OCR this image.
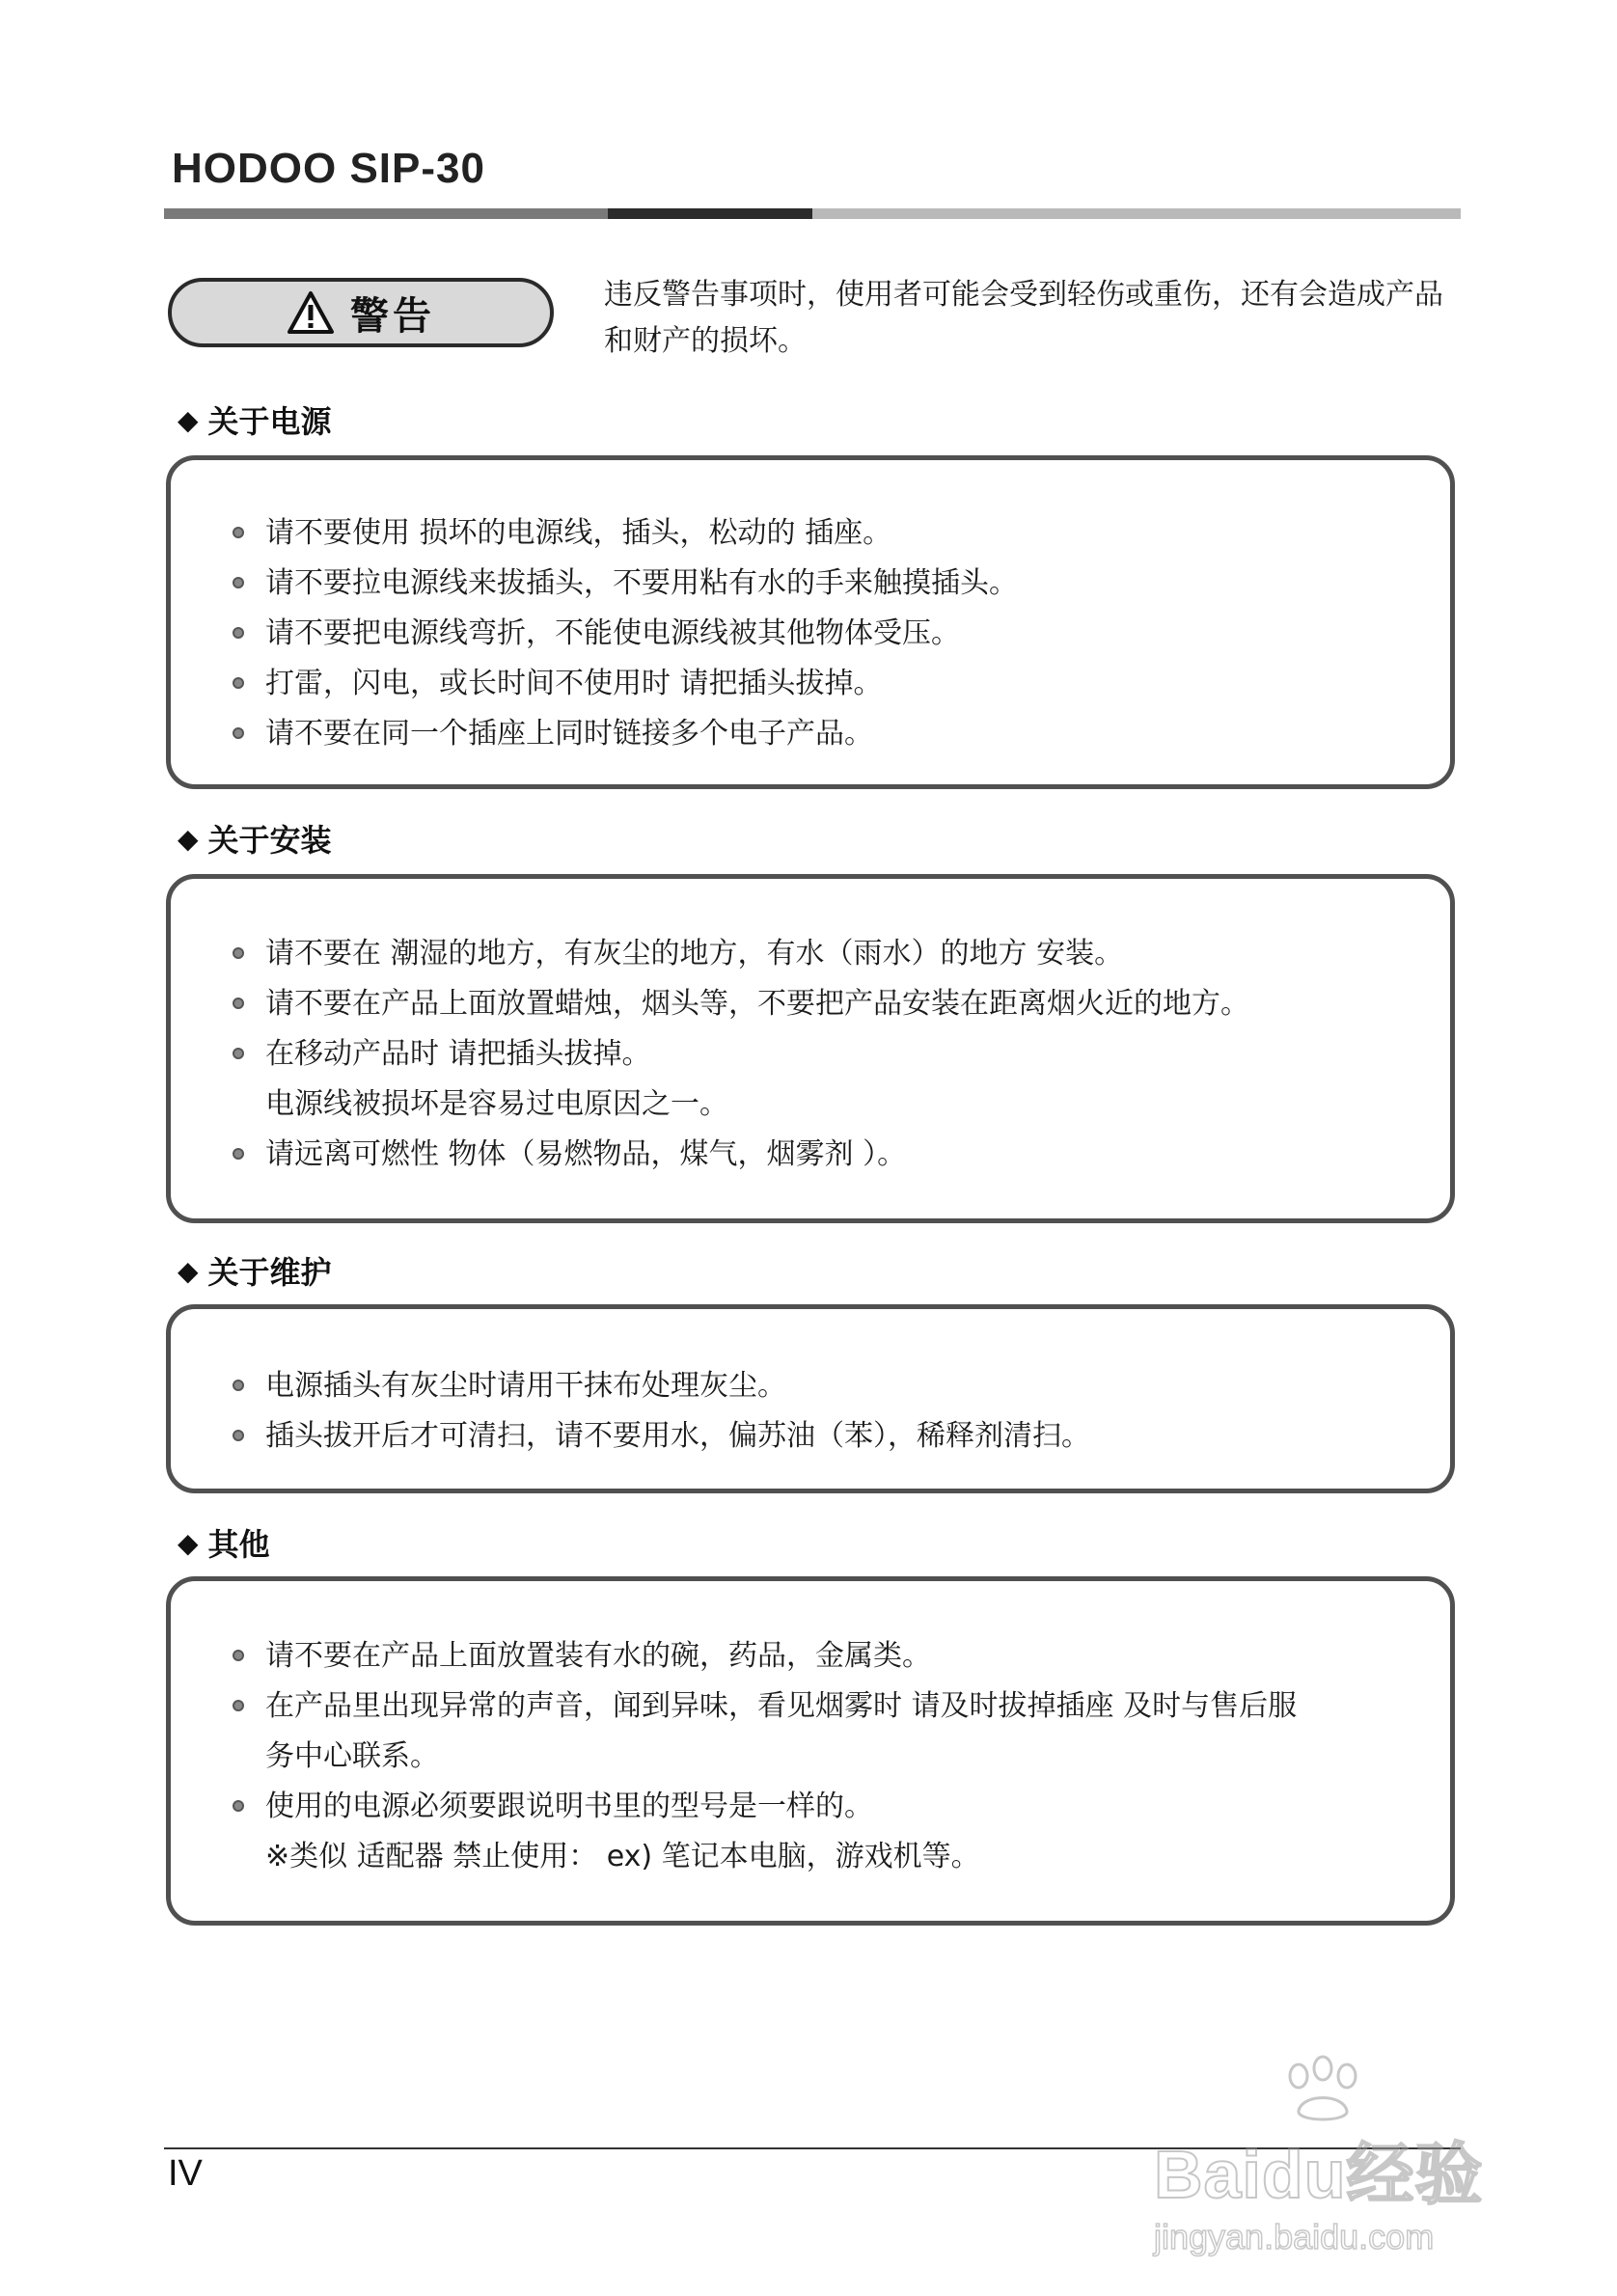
HODOO SIP-30
警告	违反警告事项时，使用者可能会受到轻伤或重伤，还有会造成产品和财产的损坏。
◆ 关于电源
请不要使用 损坏的电源线，插头，松动的 插座。
请不要拉电源线来拔插头，不要用粘有水的手来触摸插头。
请不要把电源线弯折，不能使电源线被其他物体受压。
打雷，闪电，或长时间不使用时 请把插头拔掉。
请不要在同一个插座上同时链接多个电子产品。
◆ 关于安装
请不要在 潮湿的地方，有灰尘的地方，有水（雨水）的地方 安装。
请不要在产品上面放置蜡烛，烟头等，不要把产品安装在距离烟火近的地方。
在移动产品时 请把插头拔掉。
电源线被损坏是容易过电原因之一。
请远离可燃性 物体（易燃物品，煤气，烟雾剂 ）。
◆ 关于维护
电源插头有灰尘时请用干抹布处理灰尘。
插头拔开后才可清扫，请不要用水，偏苏油（苯），稀释剂清扫。
◆ 其他
请不要在产品上面放置装有水的碗，药品，金属类。
在产品里出现异常的声音，闻到异味，看见烟雾时 请及时拔掉插座 及时与售后服
务中心联系。
使用的电源必须要跟说明书里的型号是一样的。
※类似 适配器 禁止使用： ex) 笔记本电脑，游戏机等。
IV	Baidu经验
jingyan.baidu.com
